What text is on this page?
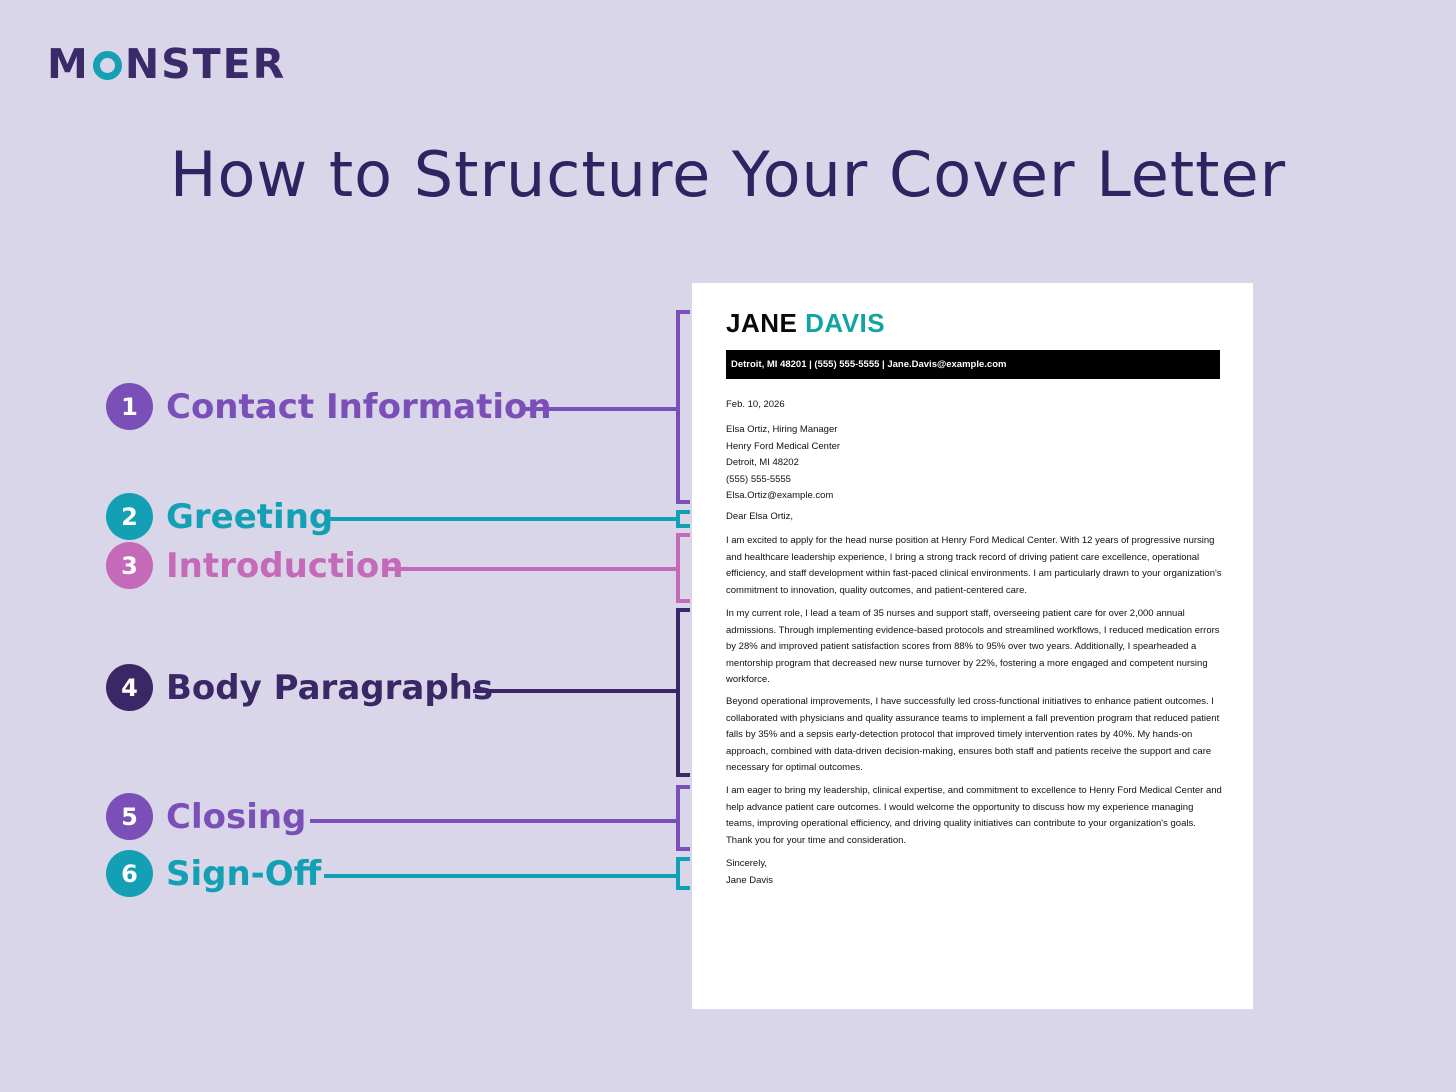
M NSTER
How to Structure Your Cover Letter
1 Contact Information
2 Greeting
3 Introduction
4 Body Paragraphs
5 Closing
6 Sign-Off
JANE DAVIS
Detroit, MI 48201 | (555) 555-5555 | Jane.Davis@example.com
Feb. 10, 2026
Elsa Ortiz, Hiring Manager
Henry Ford Medical Center
Detroit, MI 48202
(555) 555-5555
Elsa.Ortiz@example.com
Dear Elsa Ortiz,
I am excited to apply for the head nurse position at Henry Ford Medical Center. With 12 years of progressive nursing and healthcare leadership experience, I bring a strong track record of driving patient care excellence, operational efficiency, and staff development within fast-paced clinical environments. I am particularly drawn to your organization's commitment to innovation, quality outcomes, and patient-centered care.
In my current role, I lead a team of 35 nurses and support staff, overseeing patient care for over 2,000 annual admissions. Through implementing evidence-based protocols and streamlined workflows, I reduced medication errors by 28% and improved patient satisfaction scores from 88% to 95% over two years. Additionally, I spearheaded a mentorship program that decreased new nurse turnover by 22%, fostering a more engaged and competent nursing workforce.
Beyond operational improvements, I have successfully led cross-functional initiatives to enhance patient outcomes. I collaborated with physicians and quality assurance teams to implement a fall prevention program that reduced patient falls by 35% and a sepsis early-detection protocol that improved timely intervention rates by 40%. My hands-on approach, combined with data-driven decision-making, ensures both staff and patients receive the support and care necessary for optimal outcomes.
I am eager to bring my leadership, clinical expertise, and commitment to excellence to Henry Ford Medical Center and help advance patient care outcomes. I would welcome the opportunity to discuss how my experience managing teams, improving operational efficiency, and driving quality initiatives can contribute to your organization's goals. Thank you for your time and consideration.
Sincerely,
Jane Davis
